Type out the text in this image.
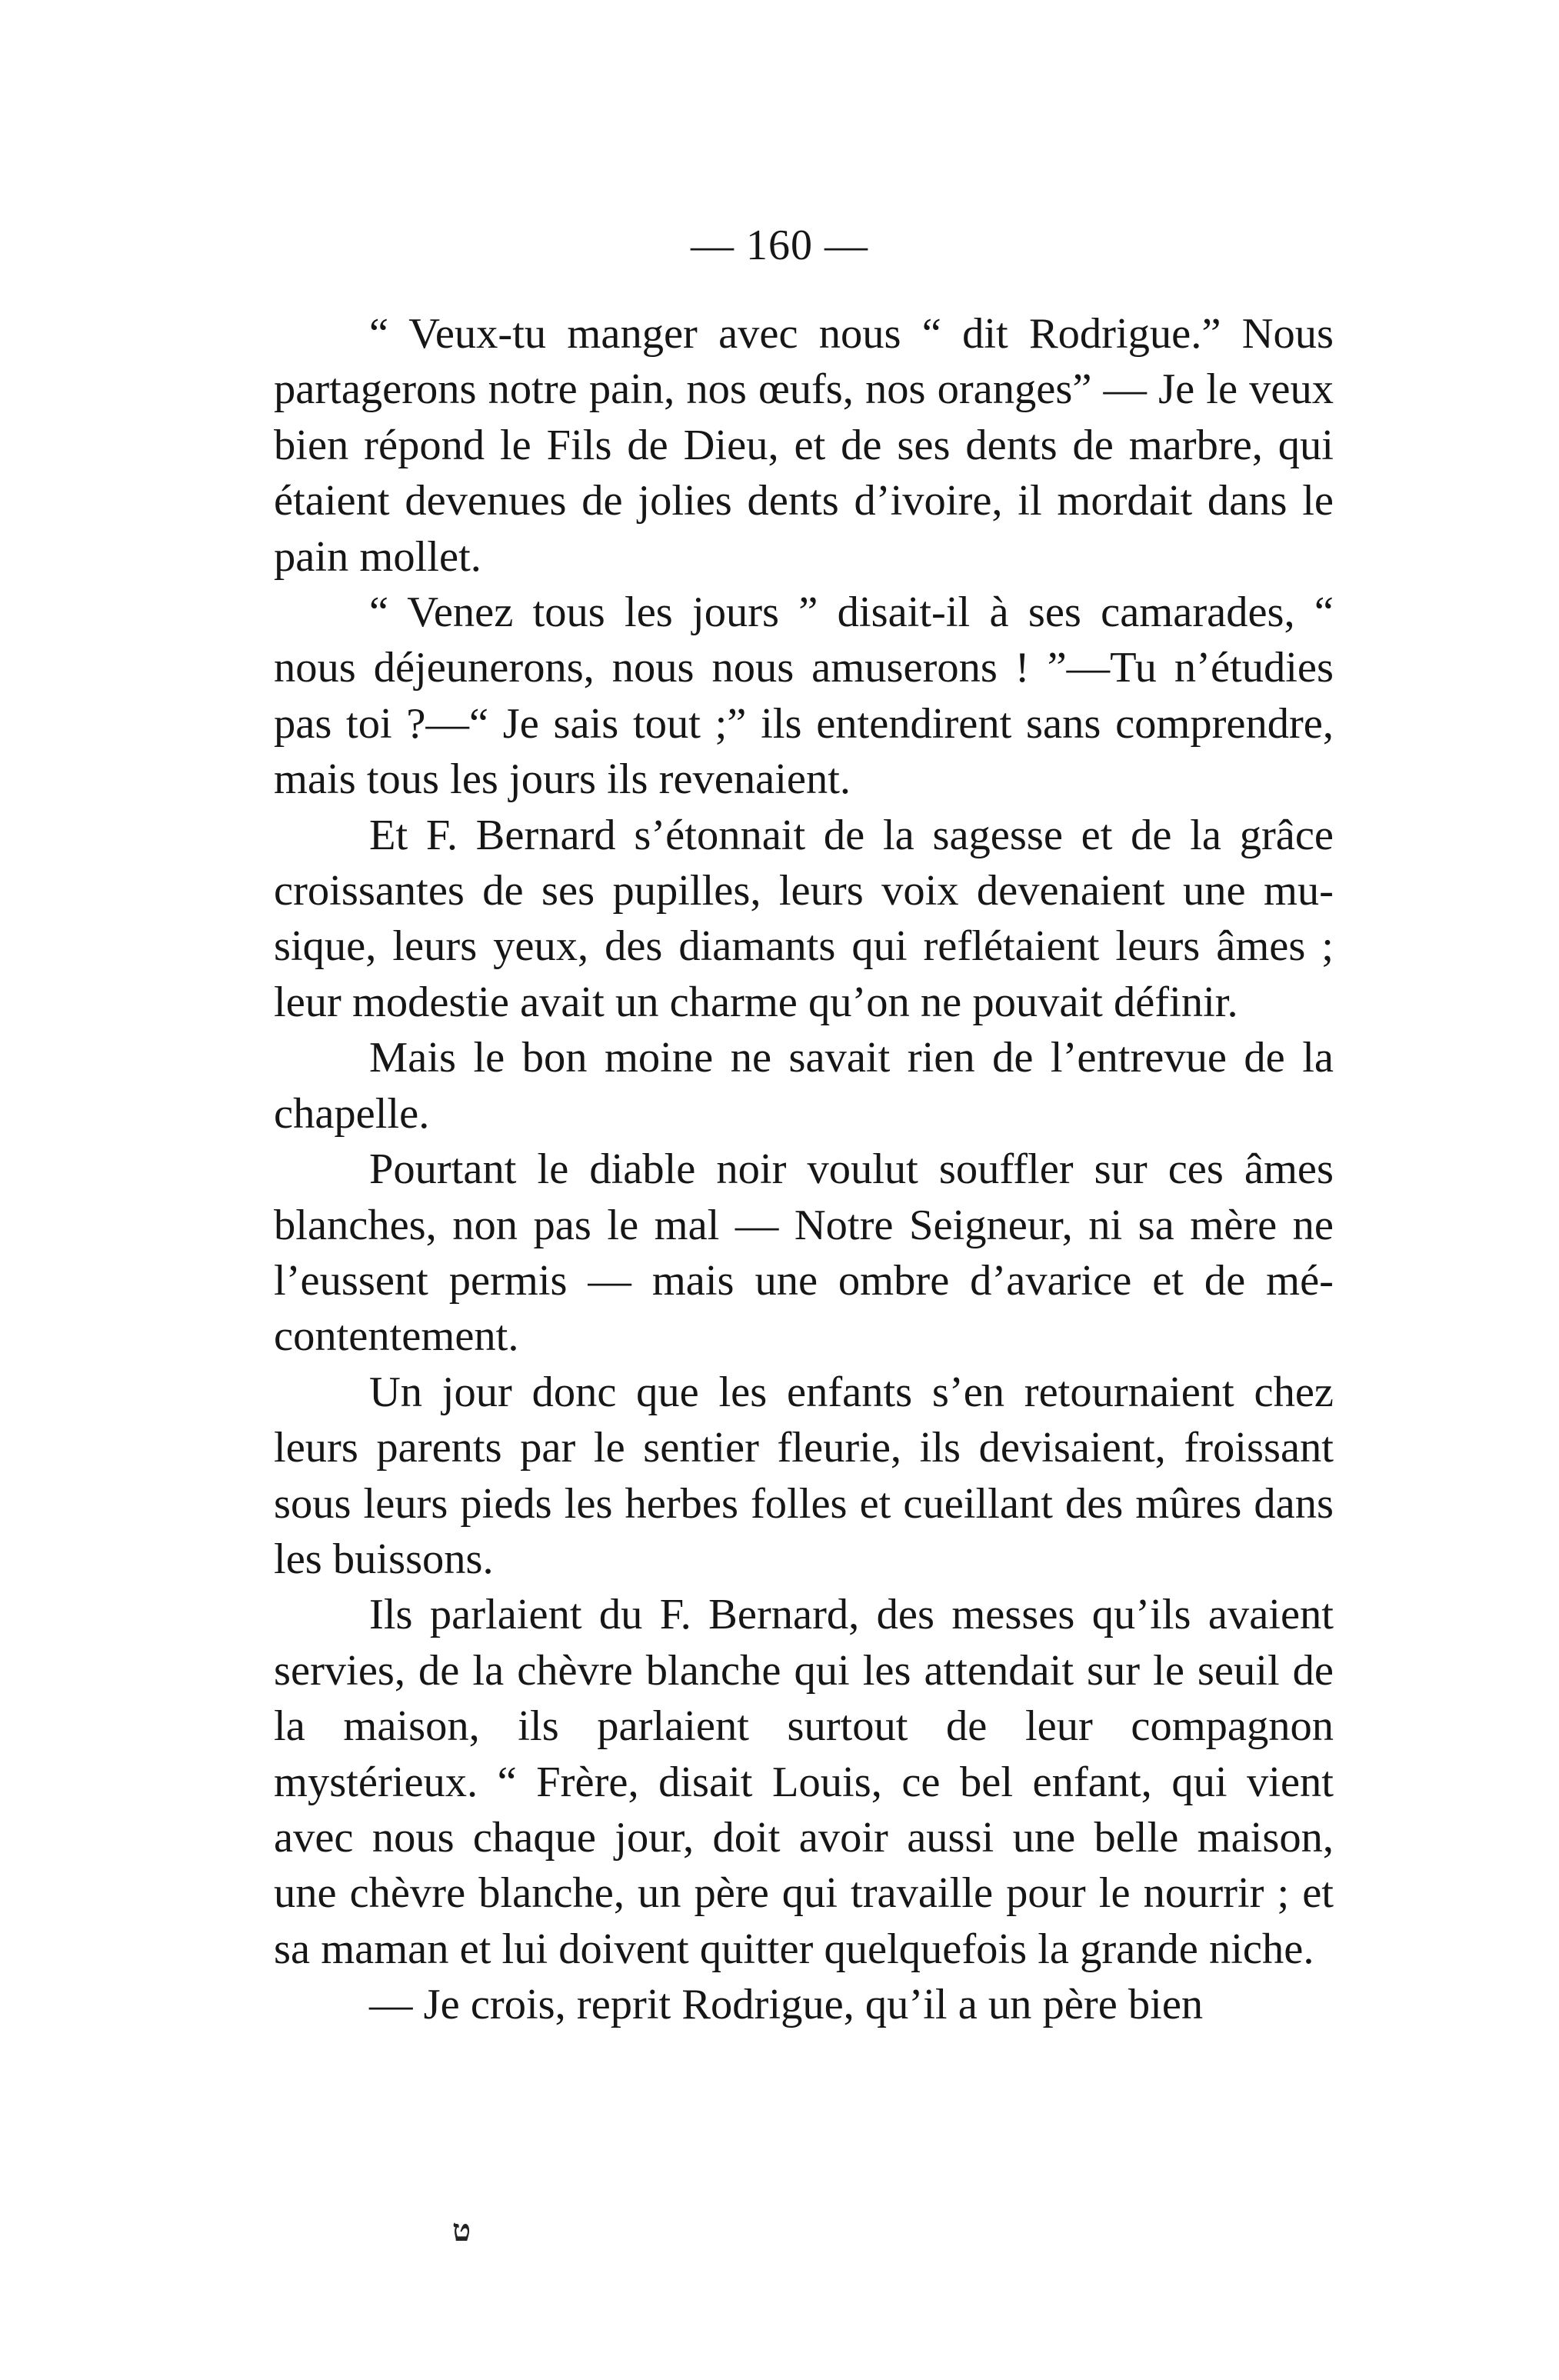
— 160 —

“ Veux-tu manger avec nous “ dit Rodrigue.” Nous partagerons notre pain, nos œufs, nos oranges” — Je le veux bien répond le Fils de Dieu, et de ses dents de marbre, qui étaient devenues de jolies dents d’ivoire, il mordait dans le pain mollet.

“ Venez tous les jours ” disait-il à ses camarades, “ nous déjeunerons, nous nous amuserons ! ”—Tu n’étudies pas toi ?—“ Je sais tout ;” ils entendirent sans comprendre, mais tous les jours ils revenaient.

Et F. Bernard s’étonnait de la sagesse et de la grâce croissantes de ses pupilles, leurs voix devenaient une musique, leurs yeux, des diamants qui reflétaient leurs âmes ; leur modestie avait un charme qu’on ne pouvait définir.

Mais le bon moine ne savait rien de l’entrevue de la chapelle.

Pourtant le diable noir voulut souffler sur ces âmes blanches, non pas le mal — Notre Seigneur, ni sa mère ne l’eussent permis — mais une ombre d’avarice et de mécontentement.

Un jour donc que les enfants s’en retournaient chez leurs parents par le sentier fleurie, ils devisaient, froissant sous leurs pieds les herbes folles et cueillant des mûres dans les buissons.

Ils parlaient du F. Bernard, des messes qu’ils avaient servies, de la chèvre blanche qui les attendait sur le seuil de la maison, ils parlaient surtout de leur compagnon mystérieux. “ Frère, disait Louis, ce bel enfant, qui vient avec nous chaque jour, doit avoir aussi une belle maison, une chèvre blanche, un père qui travaille pour le nourrir ; et sa maman et lui doivent quitter quelquefois la grande niche.

— Je crois, reprit Rodrigue, qu’il a un père bien

ט
